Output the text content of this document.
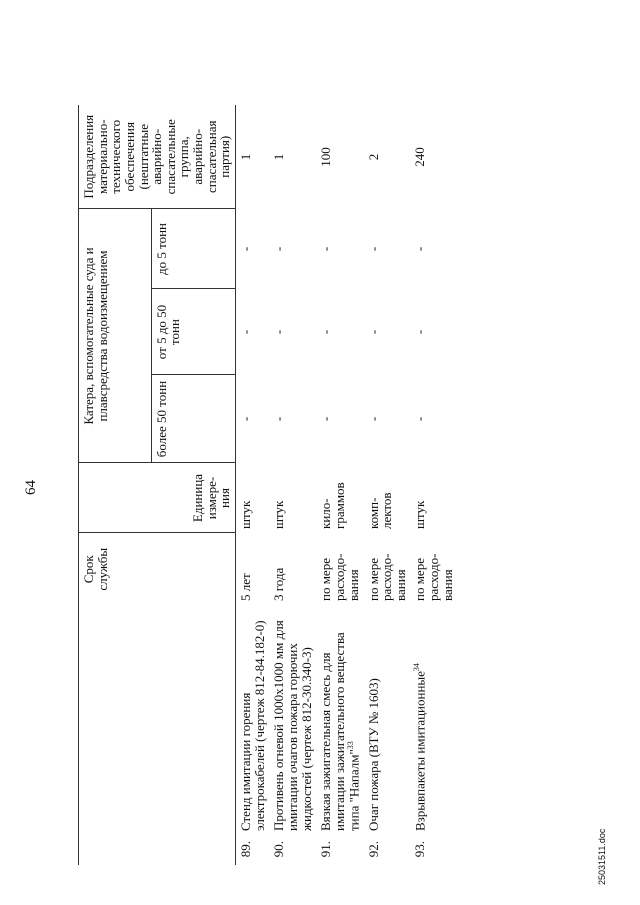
64
		Срок службы	Единица измере-ния	Катера, вспомогательные суда и плавсредства водоизмещением			Подразделения материально-технического обеспечения (нештатные аварийно-спасательные группа, аварийно-спасательная партия)
				более 50 тонн	от 5 до 50 тонн	до 5 тонн	
89.	Стенд имитации горения электрокабелей (чертеж 812-84.182-0)	5 лет	штук	-	-	-	1
90.	Противень огневой 1000x1000 мм для имитации очагов пожара горючих жидкостей (чертеж 812-30.340-3)	3 года	штук	-	-	-	1
91.	Вязкая зажигательная смесь для имитации зажигательного вещества типа "Напалм"$^{33}$	по мере расходо-вания	кило-граммов	-	-	-	100
92.	Очаг пожара (ВТУ № 1603)	по мере расходо-вания	комп-лектов	-	-	-	2
93.	Взрывпакеты имитационные$^{34}$	по мере расходо-вания	штук	-	-	-	240
25031511.doc
